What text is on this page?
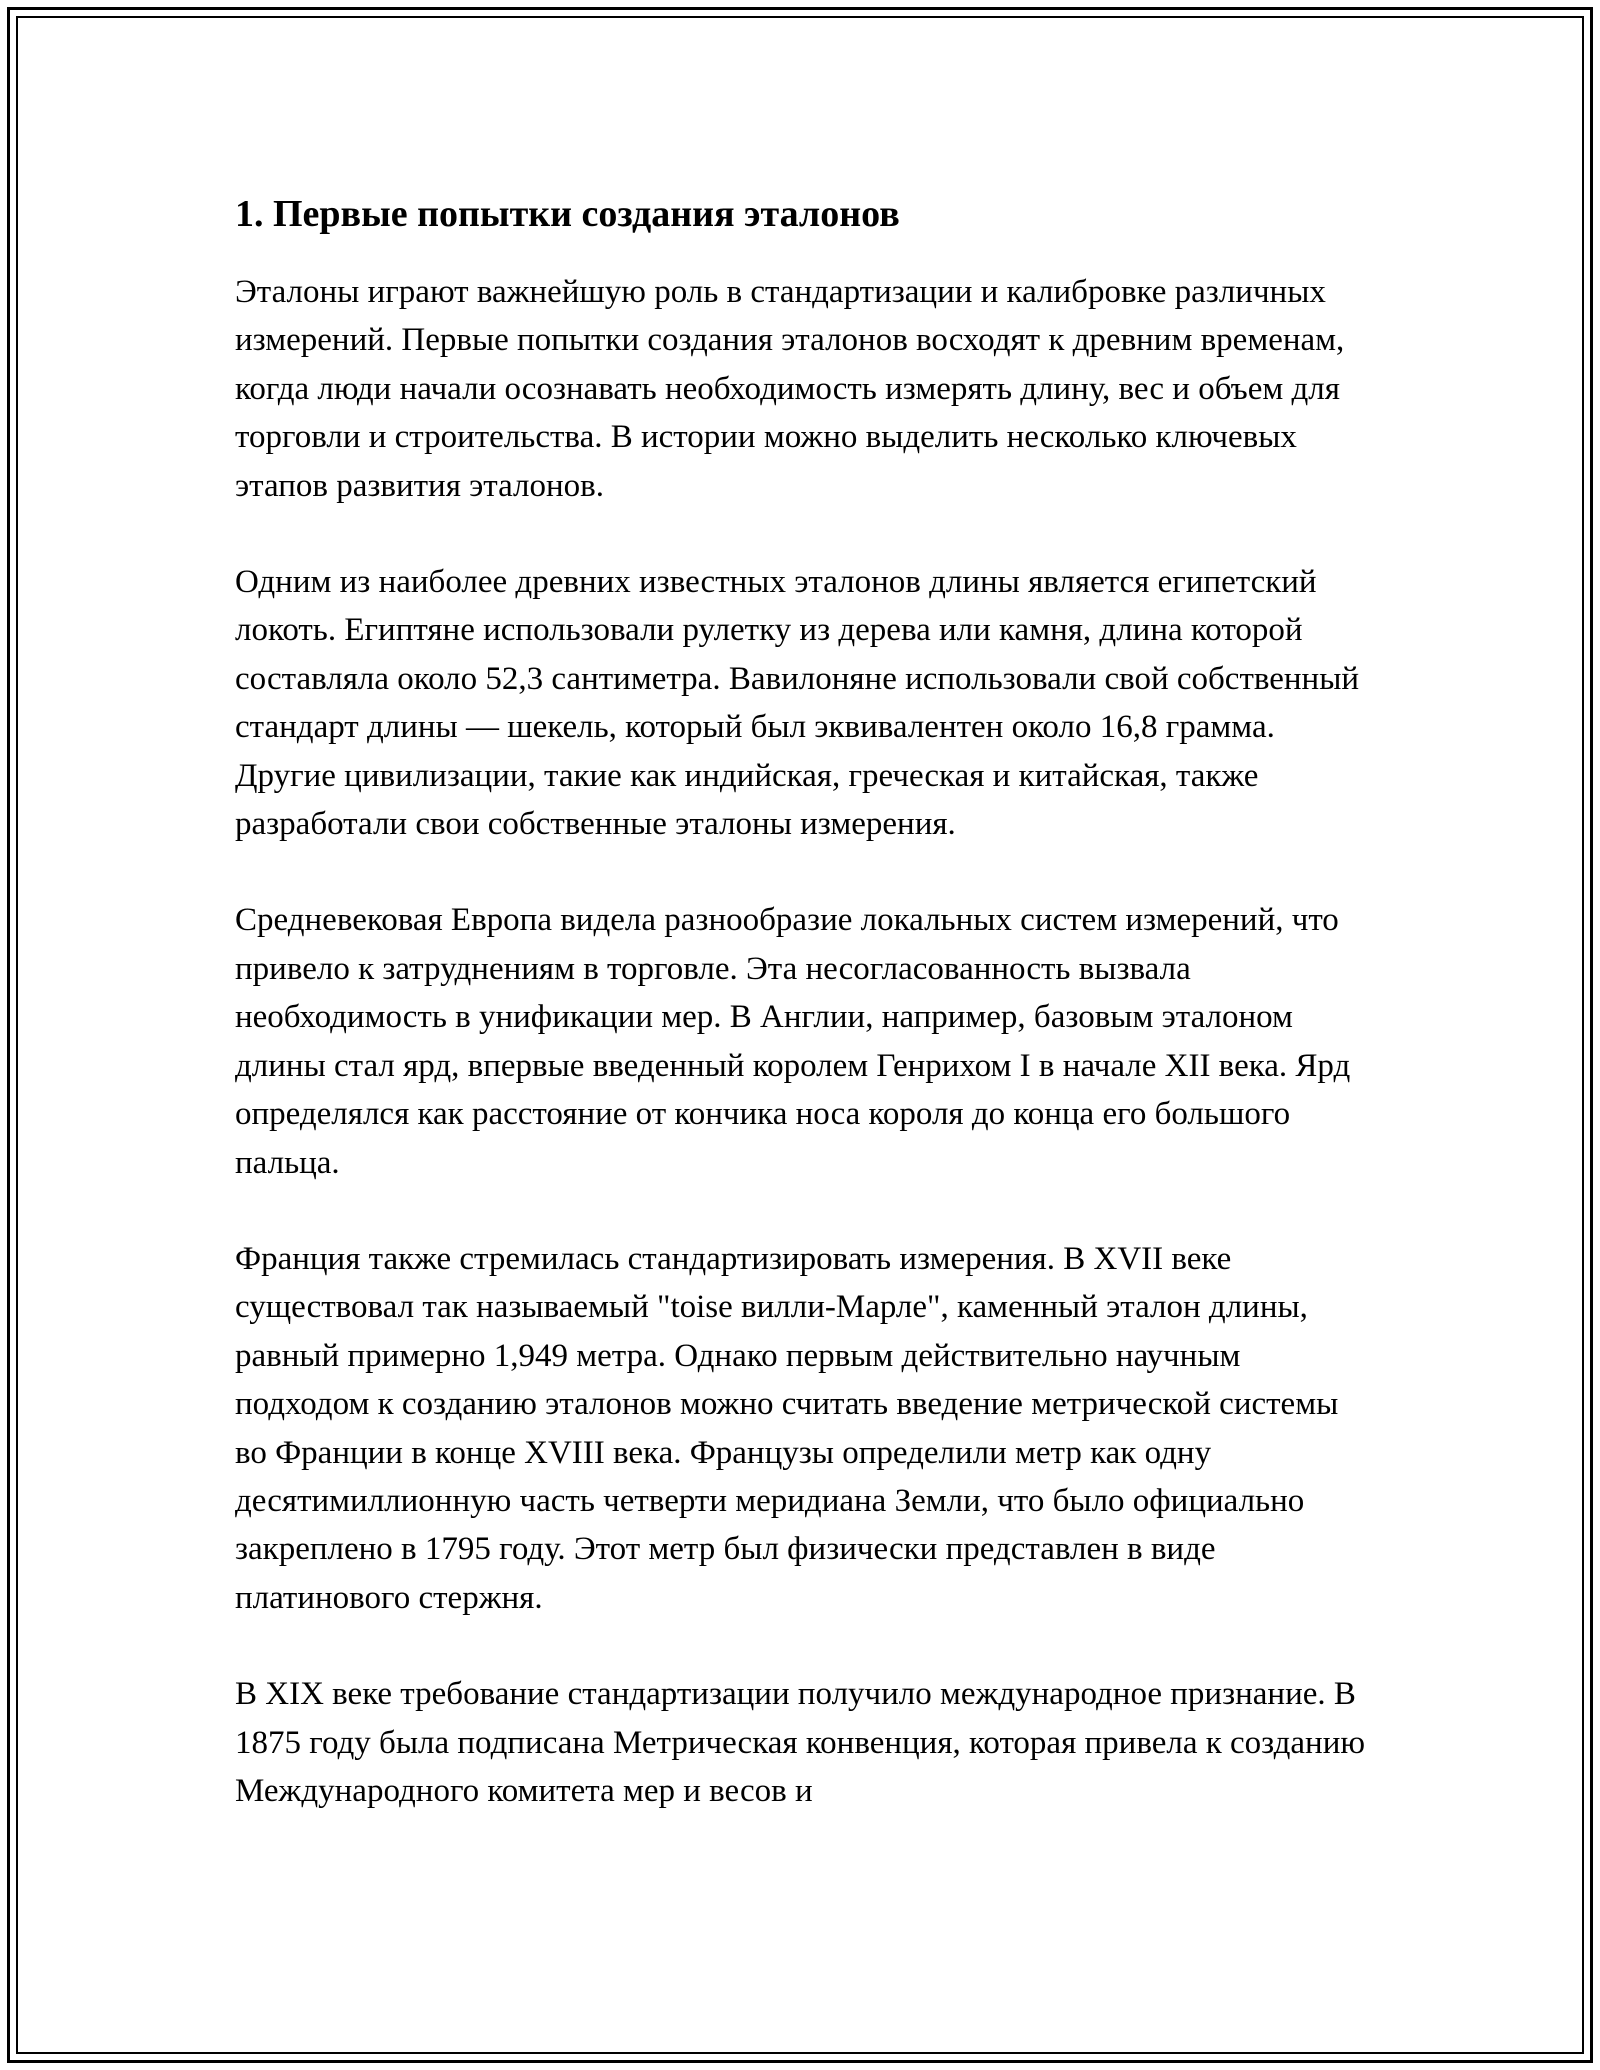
1. Первые попытки создания эталонов

Эталоны играют важнейшую роль в стандартизации и калибровке различных измерений. Первые попытки создания эталонов восходят к древним временам, когда люди начали осознавать необходимость измерять длину, вес и объем для торговли и строительства. В истории можно выделить несколько ключевых этапов развития эталонов.

Одним из наиболее древних известных эталонов длины является египетский локоть. Египтяне использовали рулетку из дерева или камня, длина которой составляла около 52,3 сантиметра. Вавилоняне использовали свой собственный стандарт длины — шекель, который был эквивалентен около 16,8 грамма. Другие цивилизации, такие как индийская, греческая и китайская, также разработали свои собственные эталоны измерения.

Средневековая Европа видела разнообразие локальных систем измерений, что привело к затруднениям в торговле. Эта несогласованность вызвала необходимость в унификации мер. В Англии, например, базовым эталоном длины стал ярд, впервые введенный королем Генрихом I в начале XII века. Ярд определялся как расстояние от кончика носа короля до конца его большого пальца.

Франция также стремилась стандартизировать измерения. В XVII веке существовал так называемый "toise вилли-Марле", каменный эталон длины, равный примерно 1,949 метра. Однако первым действительно научным подходом к созданию эталонов можно считать введение метрической системы во Франции в конце XVIII века. Французы определили метр как одну десятимиллионную часть четверти меридиана Земли, что было официально закреплено в 1795 году. Этот метр был физически представлен в виде платинового стержня.

В XIX веке требование стандартизации получило международное признание. В 1875 году была подписана Метрическая конвенция, которая привела к созданию Международного комитета мер и весов и
